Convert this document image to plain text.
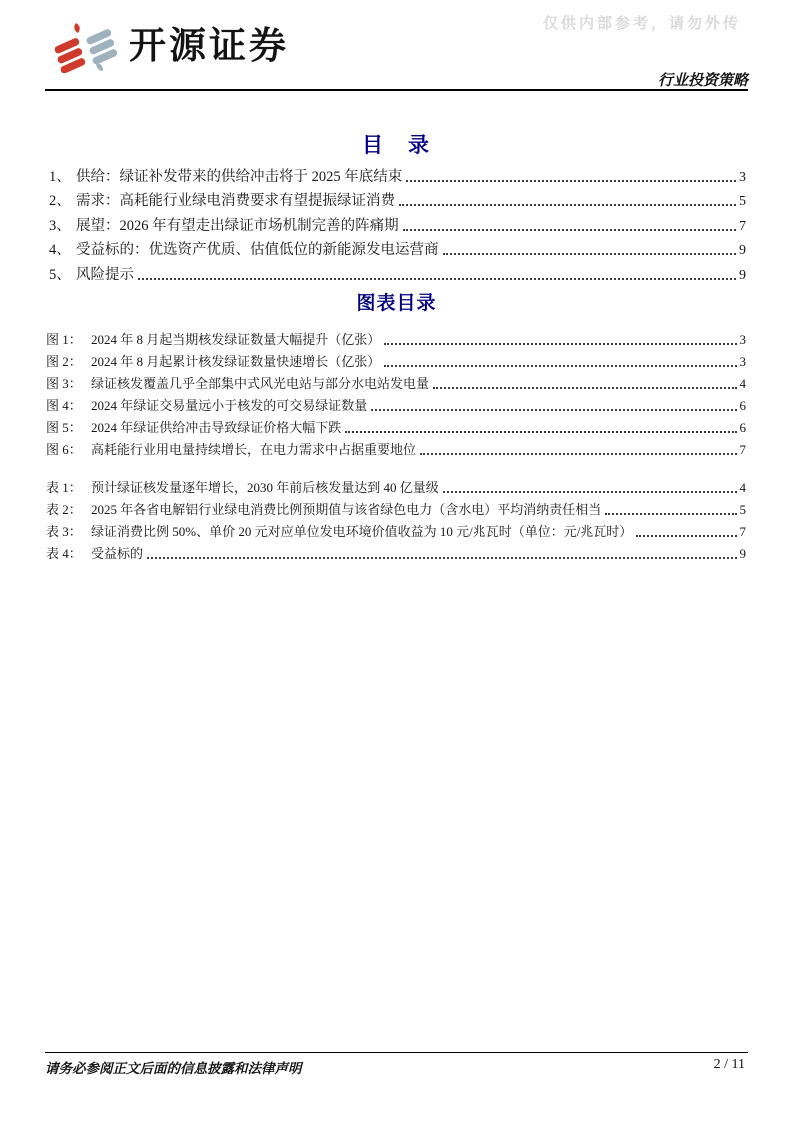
仅供内部参考，请勿外传
开源证券
行业投资策略
目　录
1、 供给：绿证补发带来的供给冲击将于 2025 年底结束	3
2、 需求：高耗能行业绿电消费要求有望提振绿证消费	5
3、 展望：2026 年有望走出绿证市场机制完善的阵痛期	7
4、 受益标的：优选资产优质、估值低位的新能源发电运营商	9
5、 风险提示	9
图表目录
图 1： 2024 年 8 月起当期核发绿证数量大幅提升（亿张）	3
图 2： 2024 年 8 月起累计核发绿证数量快速增长（亿张）	3
图 3： 绿证核发覆盖几乎全部集中式风光电站与部分水电站发电量	4
图 4： 2024 年绿证交易量远小于核发的可交易绿证数量	6
图 5： 2024 年绿证供给冲击导致绿证价格大幅下跌	6
图 6： 高耗能行业用电量持续增长，在电力需求中占据重要地位	7
表 1： 预计绿证核发量逐年增长，2030 年前后核发量达到 40 亿量级	4
表 2： 2025 年各省电解铝行业绿电消费比例预期值与该省绿色电力（含水电）平均消纳责任相当	5
表 3： 绿证消费比例 50%、单价 20 元对应单位发电环境价值收益为 10 元/兆瓦时（单位：元/兆瓦时）	7
表 4： 受益标的	9
请务必参阅正文后面的信息披露和法律声明	2 / 11
